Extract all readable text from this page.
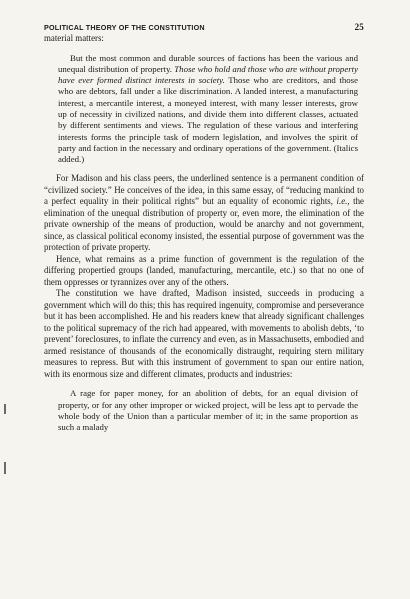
POLITICAL THEORY OF THE CONSTITUTION	25

material matters:

But the most common and durable sources of factions has been the various and unequal distribution of property. Those who hold and those who are without property have ever formed distinct interests in society. Those who are creditors, and those who are debtors, fall under a like discrimination. A landed interest, a manufacturing interest, a mercantile interest, a moneyed interest, with many lesser interests, grow up of necessity in civilized nations, and divide them into different classes, actuated by different sentiments and views. The regulation of these various and interfering interests forms the principle task of modern legislation, and involves the spirit of party and faction in the necessary and ordinary operations of the government. (Italics added.)

For Madison and his class peers, the underlined sentence is a permanent condition of “civilized society.” He conceives of the idea, in this same essay, of “reducing mankind to a perfect equality in their political rights” but an equality of economic rights, i.e., the elimination of the unequal distribution of property or, even more, the elimination of the private ownership of the means of production, would be anarchy and not government, since, as classical political economy insisted, the essential purpose of government was the protection of private property.

Hence, what remains as a prime function of government is the regulation of the differing propertied groups (landed, manufacturing, mercantile, etc.) so that no one of them oppresses or tyrannizes over any of the others.

The constitution we have drafted, Madison insisted, succeeds in producing a government which will do this; this has required ingenuity, compromise and perseverance but it has been accomplished. He and his readers knew that already significant challenges to the political supremacy of the rich had appeared, with movements to abolish debts, ‘to prevent’ foreclosures, to inflate the currency and even, as in Massachusetts, embodied and armed resistance of thousands of the economically distraught, requiring stern military measures to repress. But with this instrument of government to span our entire nation, with its enormous size and different climates, products and industries:

A rage for paper money, for an abolition of debts, for an equal division of property, or for any other improper or wicked project, will be less apt to pervade the whole body of the Union than a particular member of it; in the same proportion as such a malady
